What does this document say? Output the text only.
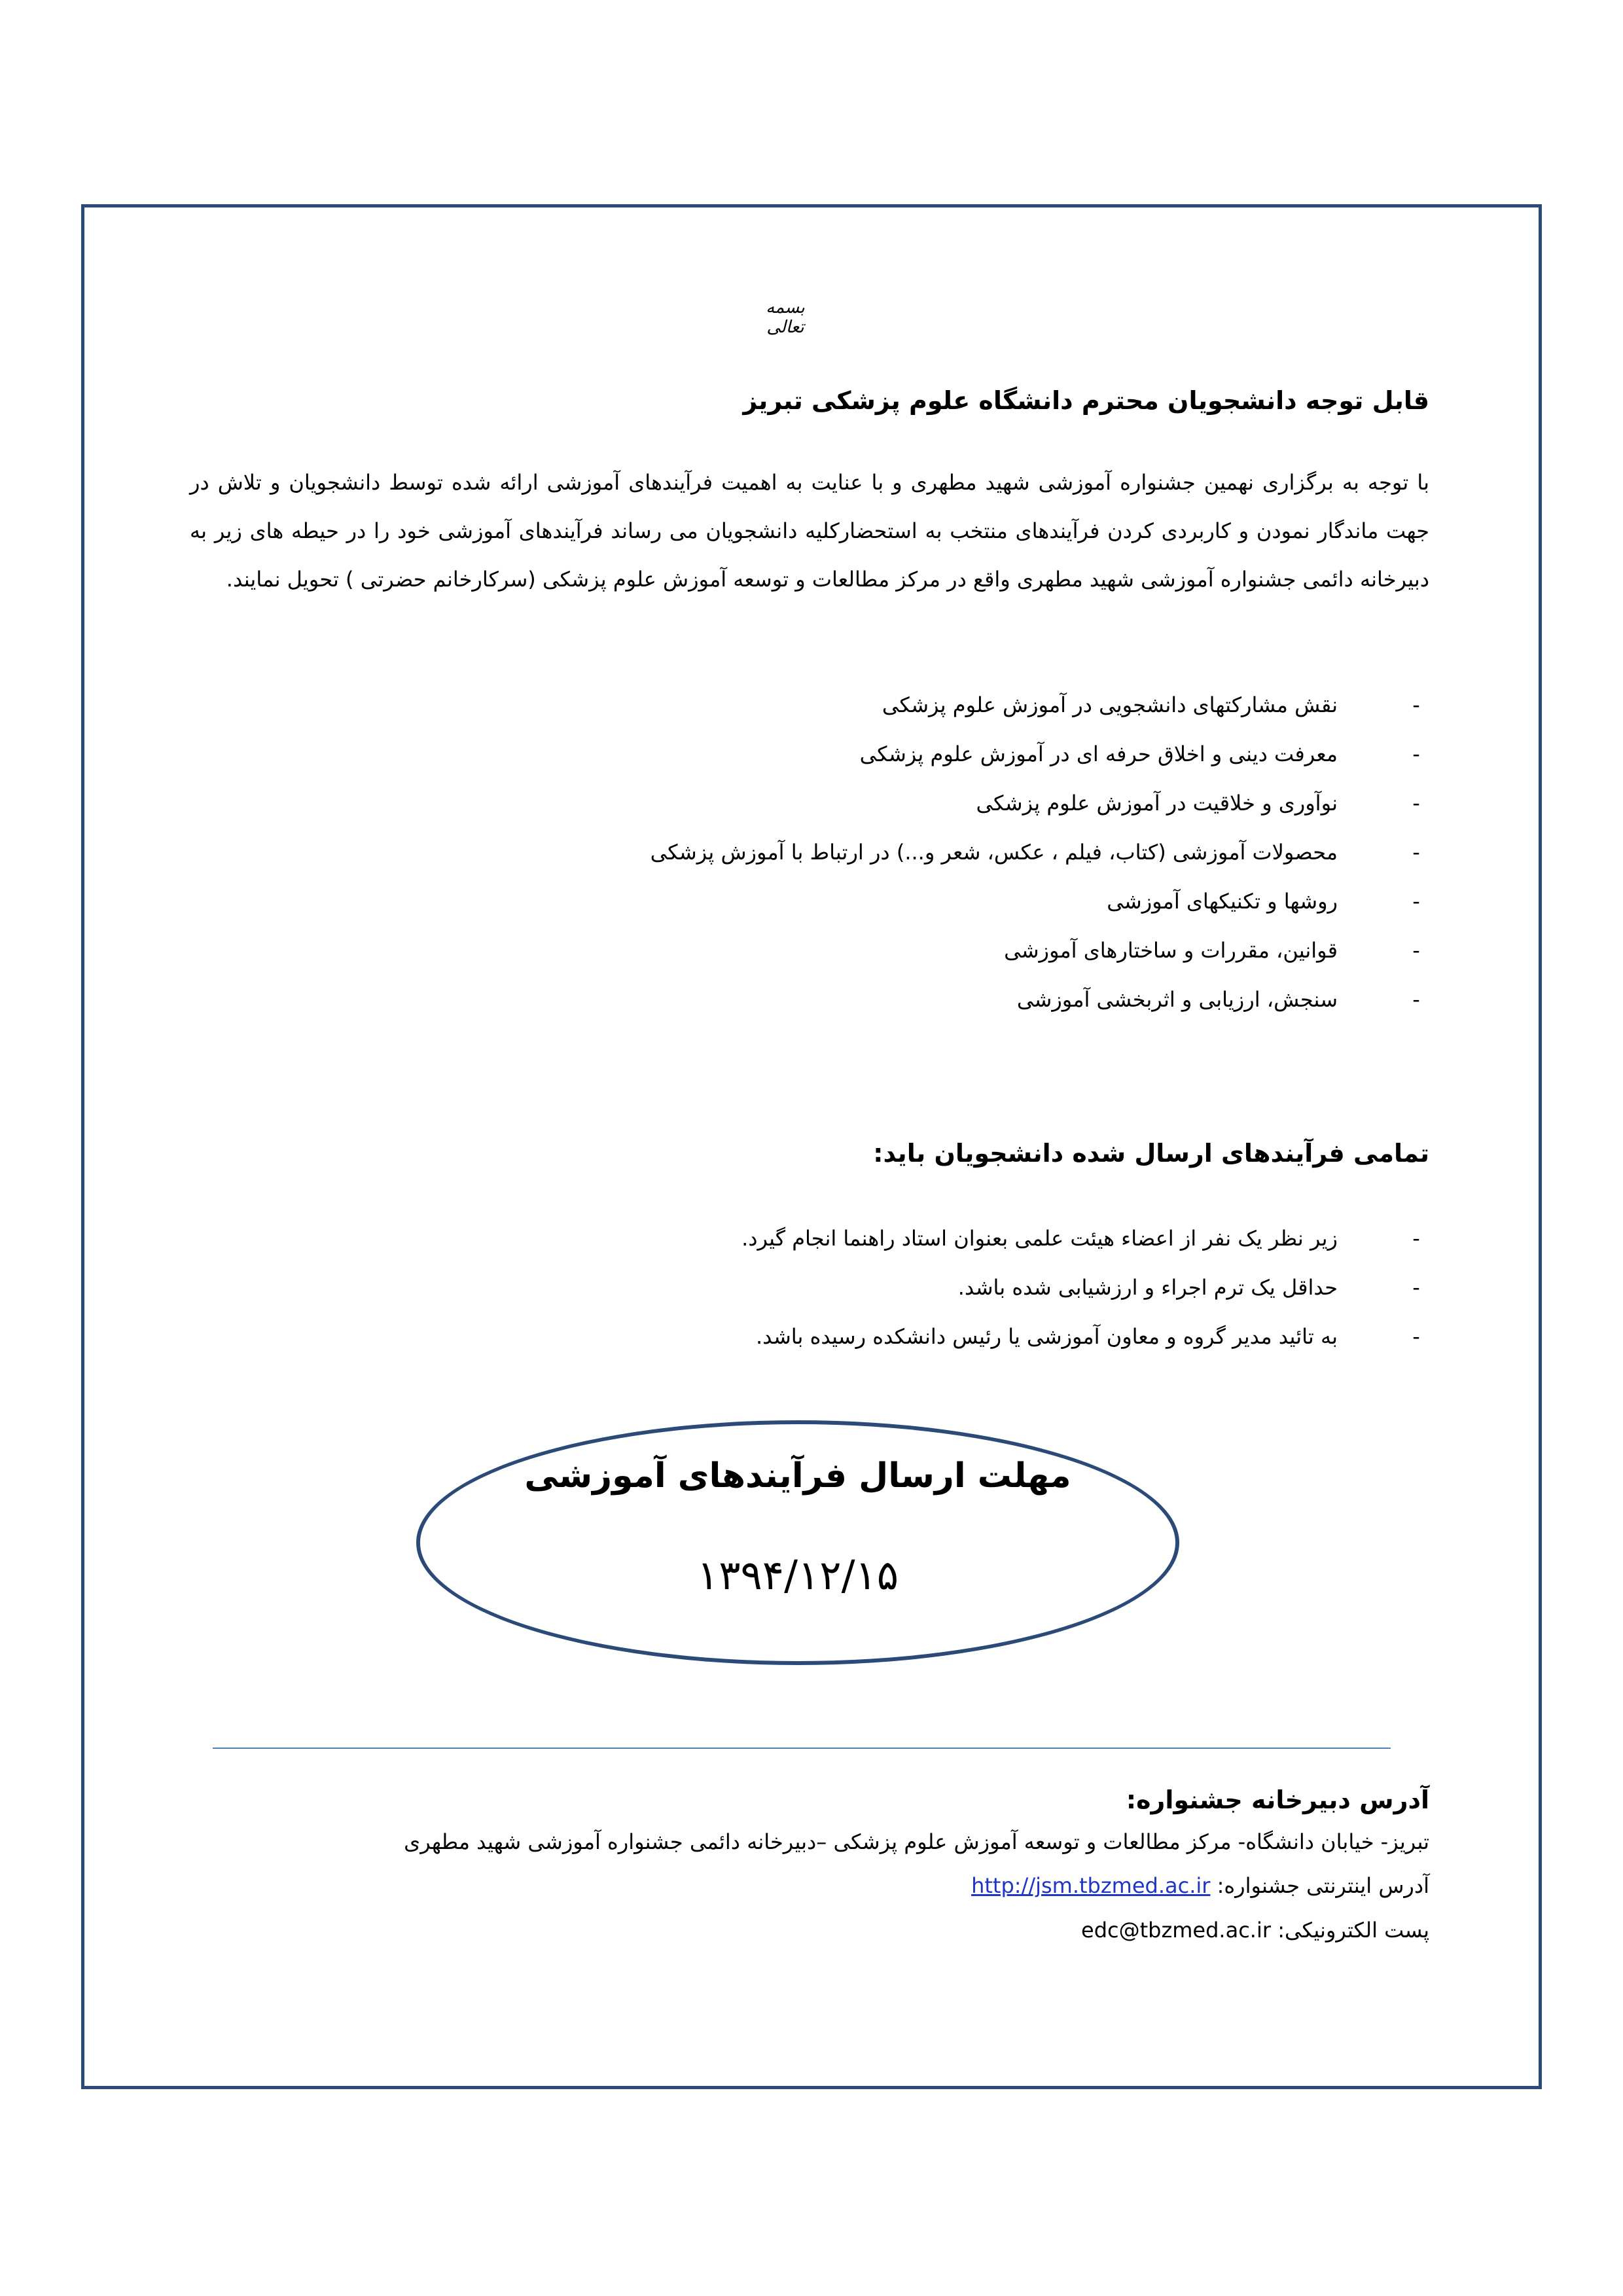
بسمه تعالی
قابل توجه دانشجویان محترم دانشگاه علوم پزشکی تبریز
با توجه به برگزاری نهمین جشنواره آموزشی شهید مطهری و با عنایت به اهمیت فرآیندهای آموزشی ارائه شده توسط دانشجویان و تلاش در جهت ماندگار نمودن و کاربردی کردن فرآیندهای منتخب به استحضارکلیه دانشجویان می رساند فرآیندهای آموزشی خود را در حیطه های زیر به دبیرخانه دائمی جشنواره آموزشی شهید مطهری واقع در مرکز مطالعات و توسعه آموزش علوم پزشکی (سرکارخانم حضرتی ) تحویل نمایند.
-
نقش مشارکتهای دانشجویی در آموزش علوم پزشکی
-
معرفت دینی و اخلاق حرفه ای در آموزش علوم پزشکی
-
نوآوری و خلاقیت در آموزش علوم پزشکی
-
محصولات آموزشی (کتاب، فیلم ، عکس، شعر و...) در ارتباط با آموزش پزشکی
-
روشها و تکنیکهای آموزشی
-
قوانین، مقررات و ساختارهای آموزشی
-
سنجش، ارزیابی و اثربخشی آموزشی
تمامی فرآیندهای ارسال شده دانشجویان باید:
-
زیر نظر یک نفر از اعضاء هیئت علمی بعنوان استاد راهنما انجام گیرد.
-
حداقل یک ترم اجراء و ارزشیابی شده باشد.
-
به تائید مدیر گروه و معاون آموزشی یا رئیس دانشکده رسیده باشد.
مهلت ارسال فرآیندهای آموزشی
۱۳۹۴/۱۲/۱۵
آدرس دبیرخانه جشنواره:
تبریز- خیابان دانشگاه- مرکز مطالعات و توسعه آموزش علوم پزشکی –دبیرخانه دائمی جشنواره آموزشی شهید مطهری
آدرس اینترنتی جشنواره: http://jsm.tbzmed.ac.ir
پست الکترونیکی: edc@tbzmed.ac.ir
